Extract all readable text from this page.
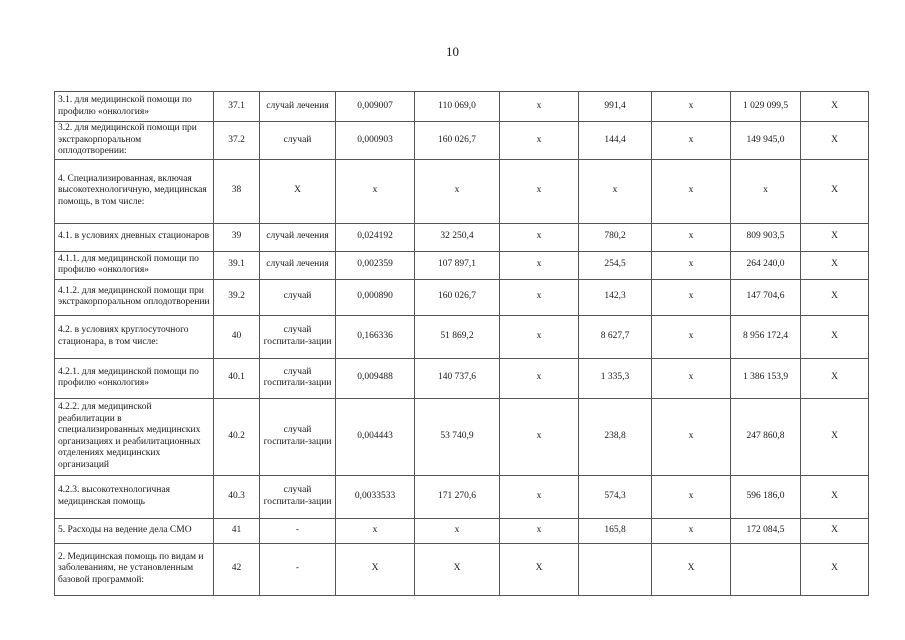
10
3.1. для медицинской помощи по профилю «онкология»	37.1	случай лечения	0,009007	110 069,0	х	991,4	х	1 029 099,5	Х
3.2. для медицинской помощи при экстракорпоральном оплодотворении:	37.2	случай	0,000903	160 026,7	х	144,4	х	149 945,0	Х
4. Специализированная, включая высокотехнологичную, медицинская помощь, в том числе:	38	Х	х	х	х	х	х	х	Х
4.1. в условиях дневных стационаров	39	случай лечения	0,024192	32 250,4	х	780,2	х	809 903,5	Х
4.1.1. для медицинской помощи по профилю «онкология»	39.1	случай лечения	0,002359	107 897,1	х	254,5	х	264 240,0	Х
4.1.2. для медицинской помощи при экстракорпоральном оплодотворении	39.2	случай	0,000890	160 026,7	х	142,3	х	147 704,6	Х
4.2. в условиях круглосуточного стационара, в том числе:	40	случай госпитали-зации	0,166336	51 869,2	х	8 627,7	х	8 956 172,4	Х
4.2.1. для медицинской помощи по профилю «онкология»	40.1	случай госпитали-зации	0,009488	140 737,6	х	1 335,3	х	1 386 153,9	Х
4.2.2. для медицинской реабилитации в специализированных медицинских организациях и реабилитационных отделениях медицинских организаций	40.2	случай госпитали-зации	0,004443	53 740,9	х	238,8	х	247 860,8	Х
4.2.3. высокотехнологичная медицинская помощь	40.3	случай госпитали-зации	0,0033533	171 270,6	х	574,3	х	596 186,0	Х
5. Расходы на ведение дела СМО	41	-	х	х	х	165,8	х	172 084,5	Х
2. Медицинская помощь по видам и заболеваниям, не установленным базовой программой:	42	-	Х	Х	Х		Х		Х
